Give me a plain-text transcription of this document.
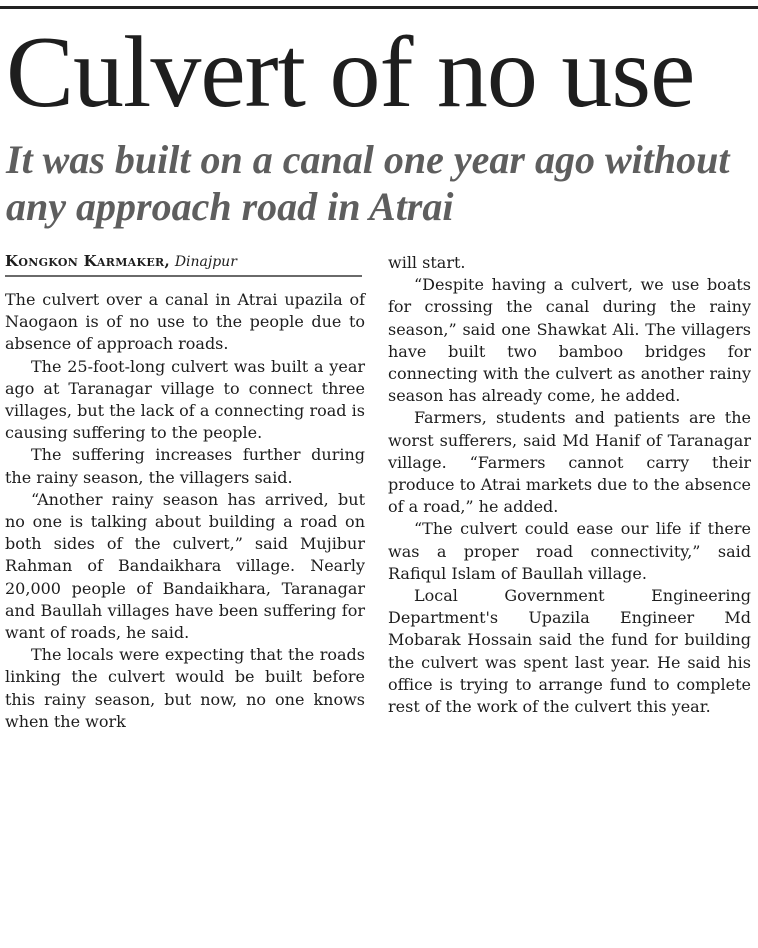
Culvert of no use
It was built on a canal one year ago without any approach road in Atrai
Kongkon Karmaker, Dinajpur

The culvert over a canal in Atrai upazila of Naogaon is of no use to the people due to absence of approach roads.

The 25-foot-long culvert was built a year ago at Taranagar village to connect three villages, but the lack of a connecting road is causing suffering to the people.

The suffering increases further during the rainy season, the villagers said.

“Another rainy season has arrived, but no one is talking about building a road on both sides of the culvert,” said Mujibur Rahman of Bandaikhara village. Nearly 20,000 people of Bandaikhara, Taranagar and Baullah villages have been suffering for want of roads, he said.

The locals were expecting that the roads linking the culvert would be built before this rainy season, but now, no one knows when the work

will start.

“Despite having a culvert, we use boats for crossing the canal during the rainy season,” said one Shawkat Ali. The villagers have built two bamboo bridges for connecting with the culvert as another rainy season has already come, he added.

Farmers, students and patients are the worst sufferers, said Md Hanif of Taranagar village. “Farmers cannot carry their produce to Atrai markets due to the absence of a road,” he added.

“The culvert could ease our life if there was a proper road connectivity,” said Rafiqul Islam of Baullah village.

Local Government Engineering Department's Upazila Engineer Md Mobarak Hossain said the fund for building the culvert was spent last year. He said his office is trying to arrange fund to complete rest of the work of the culvert this year.
